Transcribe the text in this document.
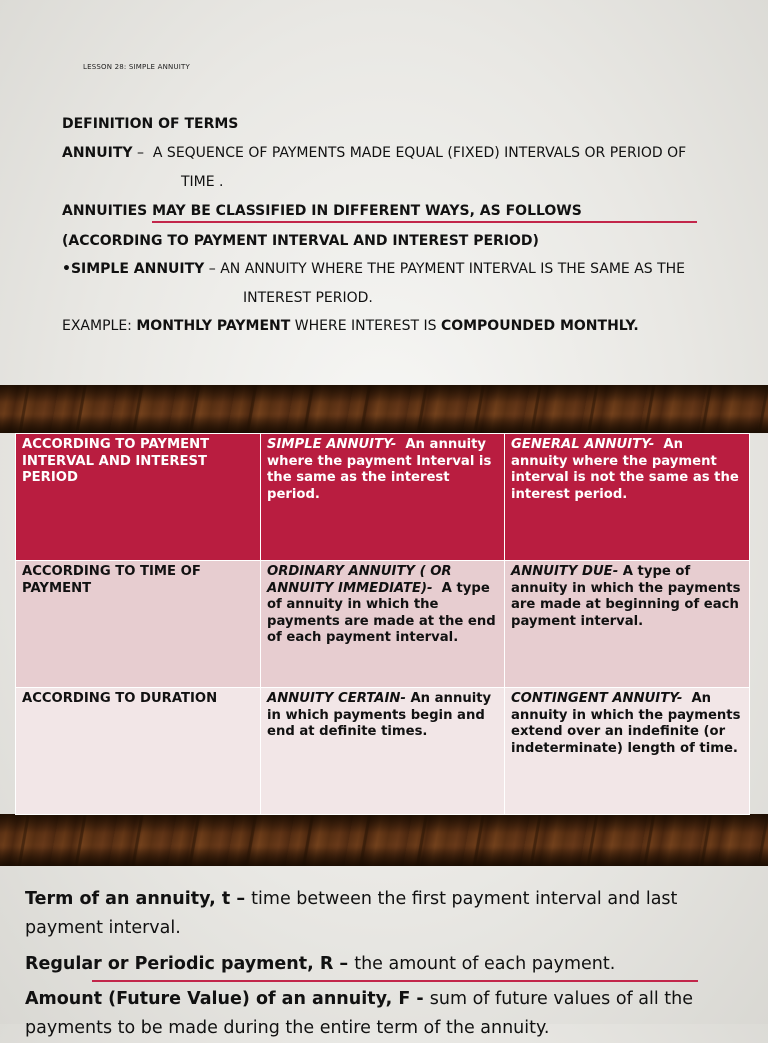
LESSON 28: SIMPLE ANNUITY
DEFINITION OF TERMS
ANNUITY –  A SEQUENCE OF PAYMENTS MADE EQUAL (FIXED) INTERVALS OR PERIOD OF
TIME .
ANNUITIES MAY BE CLASSIFIED IN DIFFERENT WAYS, AS FOLLOWS
(ACCORDING TO PAYMENT INTERVAL AND INTEREST PERIOD)
•SIMPLE ANNUITY – AN ANNUITY WHERE THE PAYMENT INTERVAL IS THE SAME AS THE
INTEREST PERIOD.
EXAMPLE: MONTHLY PAYMENT WHERE INTEREST IS COMPOUNDED MONTHLY.
ACCORDING TO PAYMENT INTERVAL AND INTEREST PERIOD	SIMPLE ANNUITY-  An annuity where the payment Interval is the same as the interest period.	GENERAL ANNUITY-  An annuity where the payment interval is not the same as the interest period.
ACCORDING TO TIME OF PAYMENT	ORDINARY ANNUITY ( OR ANNUITY IMMEDIATE)-  A type of annuity in which the payments are made at the end of each payment interval.	ANNUITY DUE- A type of annuity in which the payments are made at beginning of each payment interval.
ACCORDING TO DURATION	ANNUITY CERTAIN- An annuity in which payments begin and end at definite times.	CONTINGENT ANNUITY-  An annuity in which the payments extend over an indefinite (or indeterminate) length of time.
Term of an annuity, t – time between the first payment interval and last payment interval.
Regular or Periodic payment, R – the amount of each payment.
Amount (Future Value) of an annuity, F - sum of future values of all the payments to be made during the entire term of the annuity.
